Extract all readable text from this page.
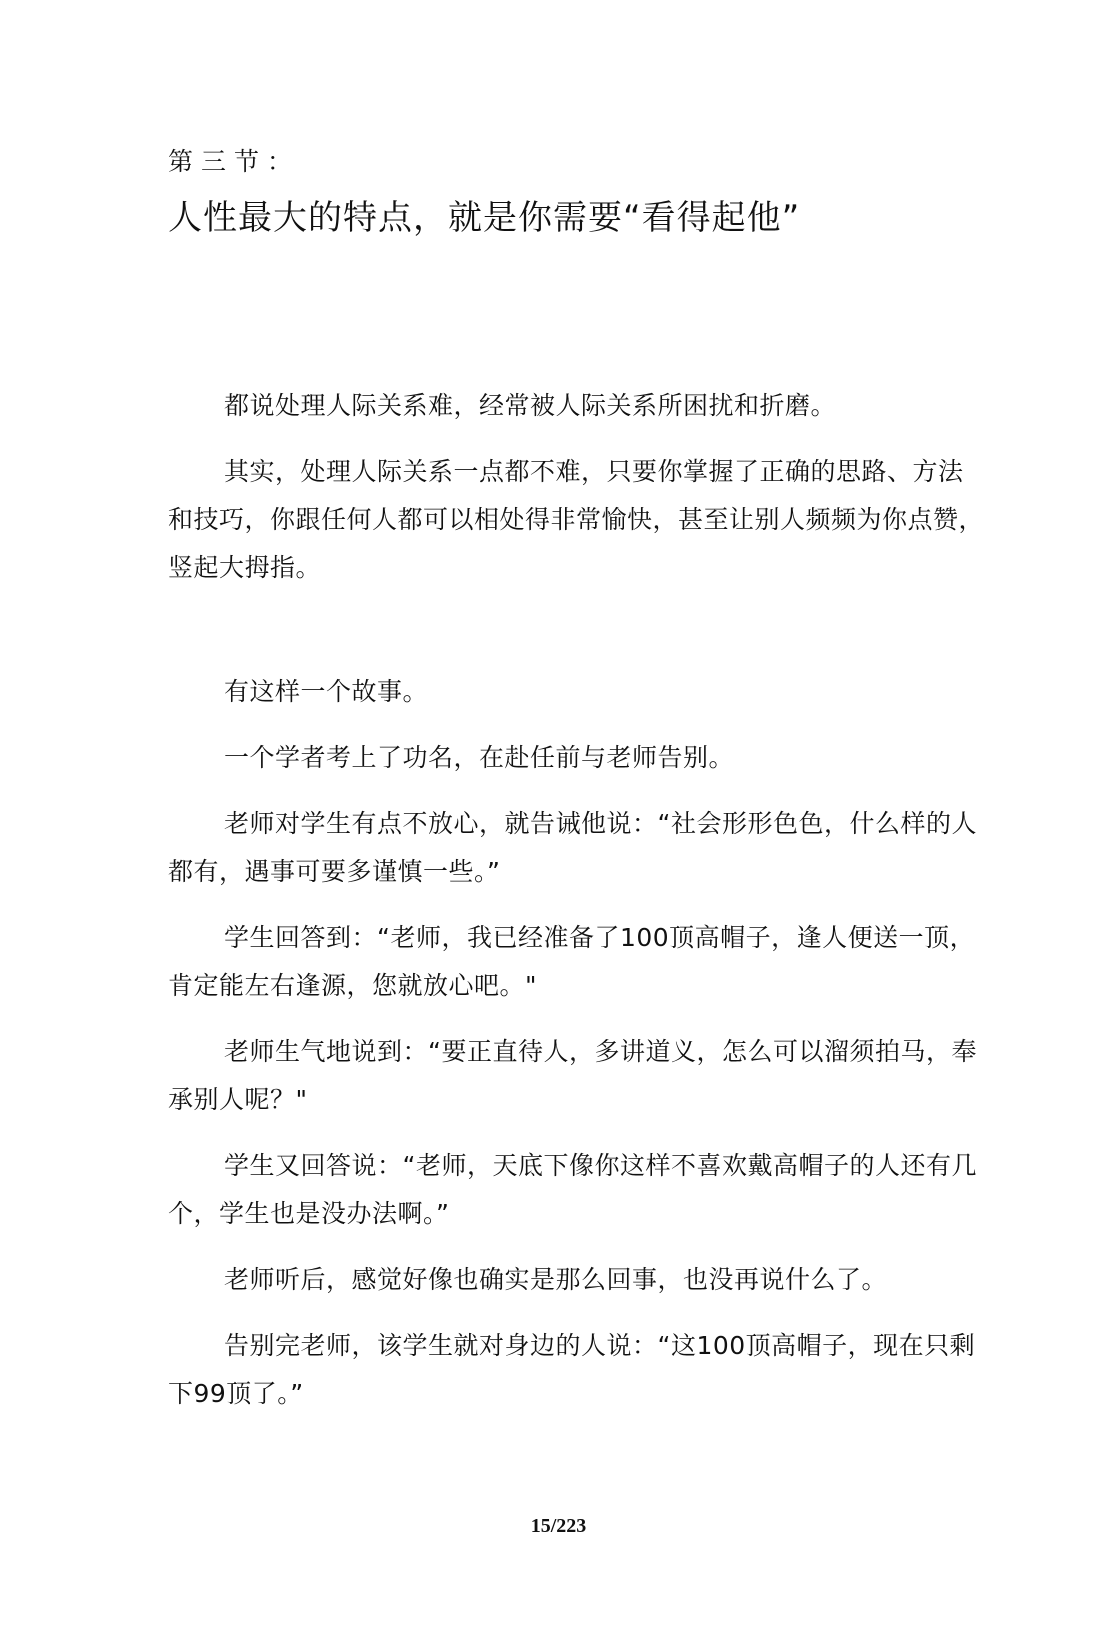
第三节：
人性最大的特点，就是你需要“看得起他”

都说处理人际关系难，经常被人际关系所困扰和折磨。

其实，处理人际关系一点都不难，只要你掌握了正确的思路、方法和技巧，你跟任何人都可以相处得非常愉快，甚至让别人频频为你点赞，竖起大拇指。

有这样一个故事。

一个学者考上了功名，在赴任前与老师告别。

老师对学生有点不放心，就告诫他说：“社会形形色色，什么样的人都有，遇事可要多谨慎一些。”

学生回答到：“老师，我已经准备了100顶高帽子，逢人便送一顶，肯定能左右逢源，您就放心吧。"

老师生气地说到：“要正直待人，多讲道义，怎么可以溜须拍马，奉承别人呢？"

学生又回答说：“老师，天底下像你这样不喜欢戴高帽子的人还有几个，学生也是没办法啊。”

老师听后，感觉好像也确实是那么回事，也没再说什么了。

告别完老师，该学生就对身边的人说：“这100顶高帽子，现在只剩下99顶了。”

15/223
